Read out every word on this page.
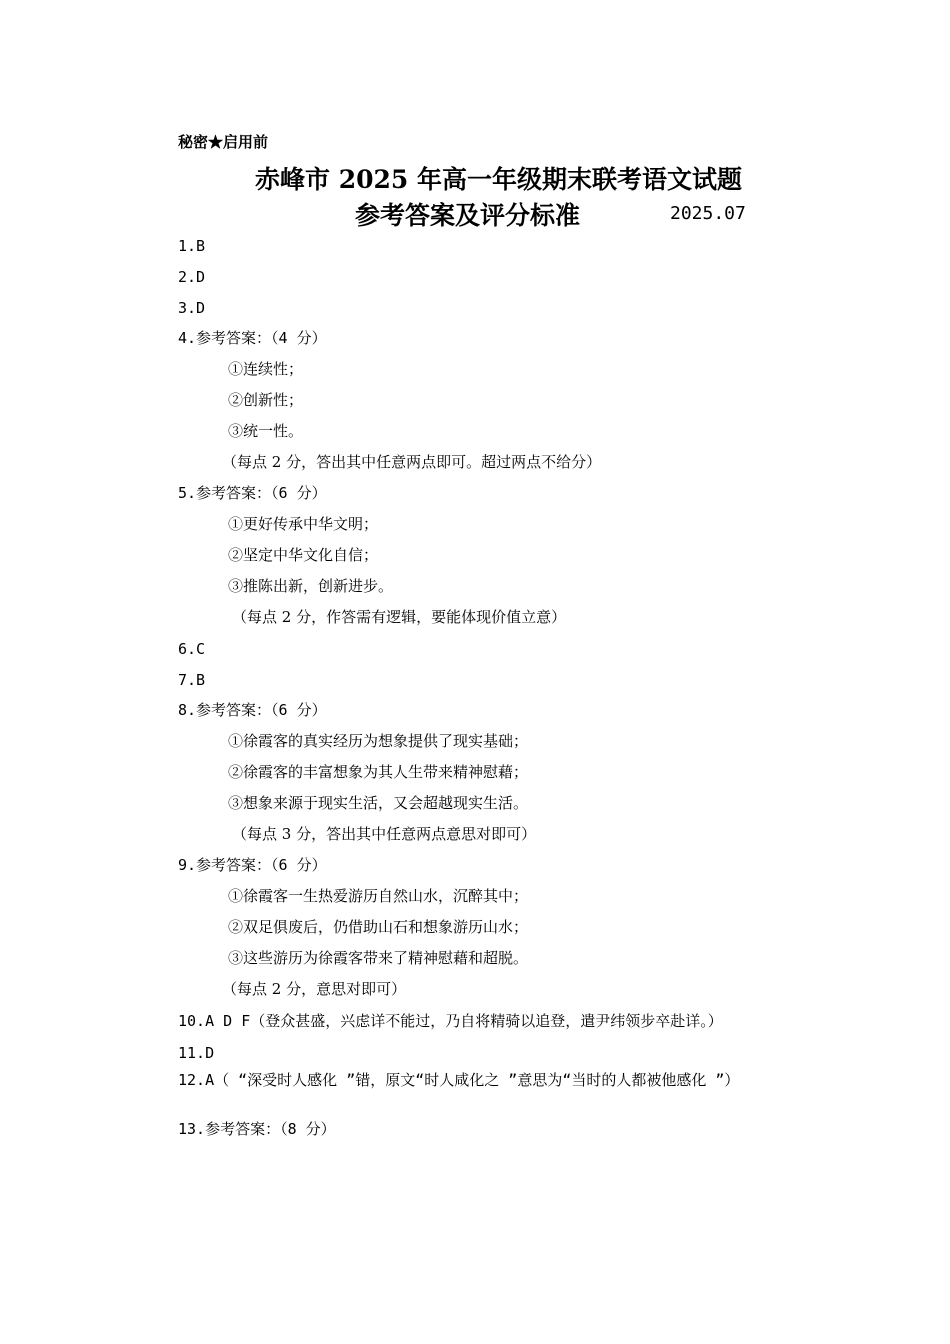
秘密★启用前
赤峰市 2025 年高一年级期末联考语文试题
参考答案及评分标准	2025.07
1.B
2.D
3.D
4.参考答案：（4 分）
①连续性；
②创新性；
③统一性。
（每点 2 分，答出其中任意两点即可。超过两点不给分）
5.参考答案：（6 分）
①更好传承中华文明；
②坚定中华文化自信；
③推陈出新，创新进步。
（每点 2 分，作答需有逻辑，要能体现价值立意）
6.C
7.B
8.参考答案：（6 分）
①徐霞客的真实经历为想象提供了现实基础；
②徐霞客的丰富想象为其人生带来精神慰藉；
③想象来源于现实生活，又会超越现实生活。
（每点 3 分，答出其中任意两点意思对即可）
9.参考答案：（6 分）
①徐霞客一生热爱游历自然山水，沉醉其中；
②双足俱废后，仍借助山石和想象游历山水；
③这些游历为徐霞客带来了精神慰藉和超脱。
（每点 2 分，意思对即可）
10.A D F（登众甚盛，兴虑详不能过，乃自将精骑以追登，遣尹纬领步卒赴详。）
11.D
12.A（ “深受时人感化 ”错，原文“时人咸化之 ”意思为“当时的人都被他感化 ”）
13.参考答案：（8 分）
